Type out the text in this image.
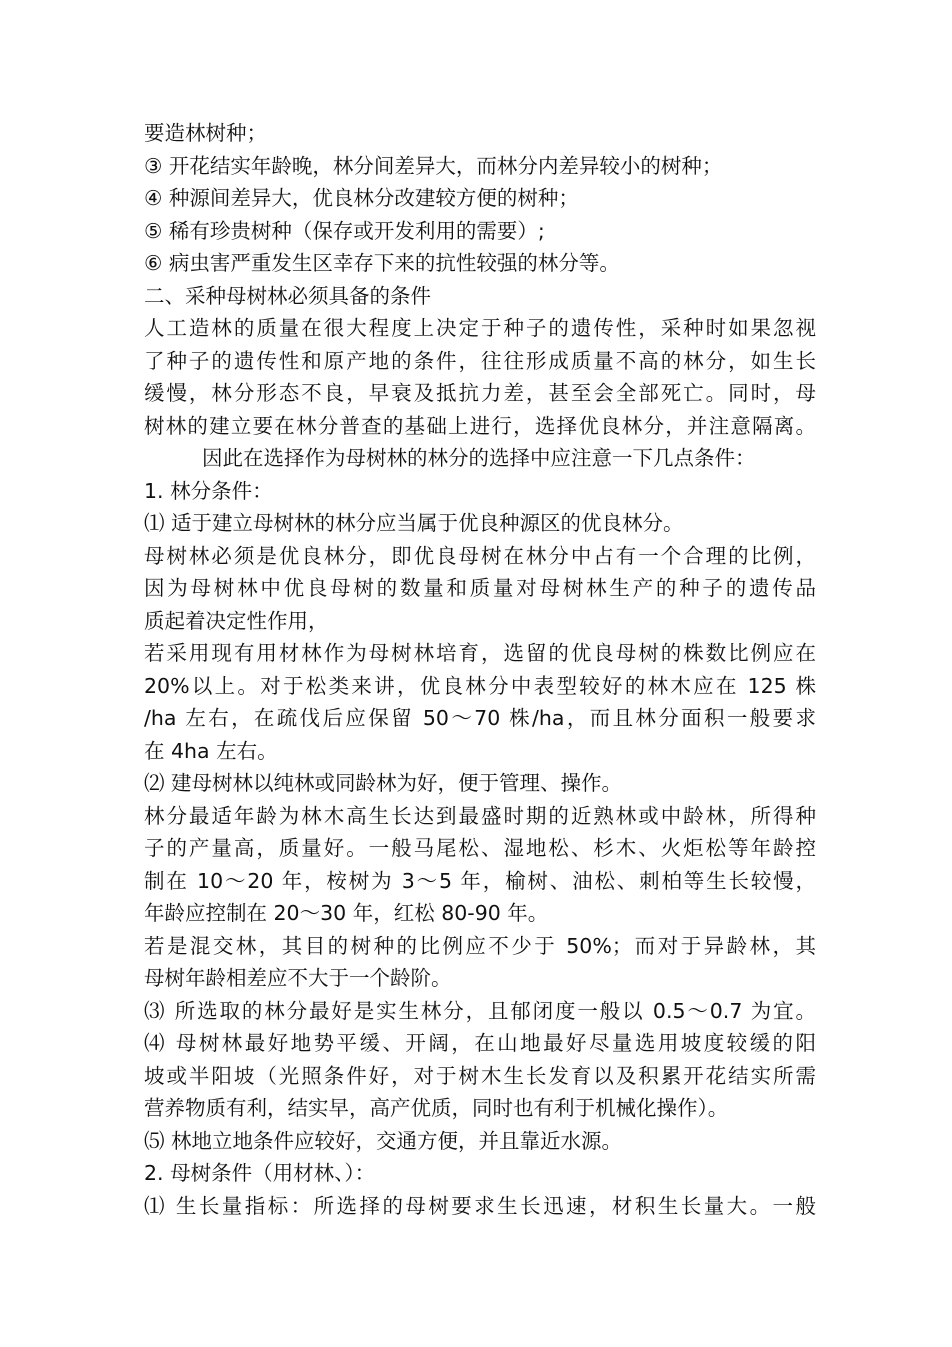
要造林树种；
③ 开花结实年龄晚，林分间差异大，而林分内差异较小的树种；
④ 种源间差异大，优良林分改建较方便的树种；
⑤ 稀有珍贵树种（保存或开发利用的需要）;
⑥ 病虫害严重发生区幸存下来的抗性较强的林分等。
二、采种母树林必须具备的条件
人工造林的质量在很大程度上决定于种子的遗传性，采种时如果忽视
了种子的遗传性和原产地的条件，往往形成质量不高的林分，如生长
缓慢，林分形态不良，早衰及抵抗力差，甚至会全部死亡。同时，母
树林的建立要在林分普查的基础上进行，选择优良林分，并注意隔离。
因此在选择作为母树林的林分的选择中应注意一下几点条件：
1. 林分条件：
⑴ 适于建立母树林的林分应当属于优良种源区的优良林分。
母树林必须是优良林分，即优良母树在林分中占有一个合理的比例，
因为母树林中优良母树的数量和质量对母树林生产的种子的遗传品
质起着决定性作用，
若采用现有用材林作为母树林培育，选留的优良母树的株数比例应在
20%以上。对于松类来讲，优良林分中表型较好的林木应在 125 株
/ha 左右，在疏伐后应保留 50～70 株/ha，而且林分面积一般要求
在 4ha 左右。
⑵ 建母树林以纯林或同龄林为好，便于管理、操作。
林分最适年龄为林木高生长达到最盛时期的近熟林或中龄林，所得种
子的产量高，质量好。一般马尾松、湿地松、杉木、火炬松等年龄控
制在 10～20 年，桉树为 3～5 年，榆树、油松、刺柏等生长较慢，
年龄应控制在 20～30 年，红松 80-90 年。
若是混交林，其目的树种的比例应不少于 50%；而对于异龄林，其
母树年龄相差应不大于一个龄阶。
⑶ 所选取的林分最好是实生林分，且郁闭度一般以 0.5～0.7 为宜。
⑷ 母树林最好地势平缓、开阔，在山地最好尽量选用坡度较缓的阳
坡或半阳坡（光照条件好，对于树木生长发育以及积累开花结实所需
营养物质有利，结实早，高产优质，同时也有利于机械化操作）。
⑸ 林地立地条件应较好，交通方便，并且靠近水源。
2. 母树条件（用材林、）：
⑴ 生长量指标：所选择的母树要求生长迅速，材积生长量大。一般
